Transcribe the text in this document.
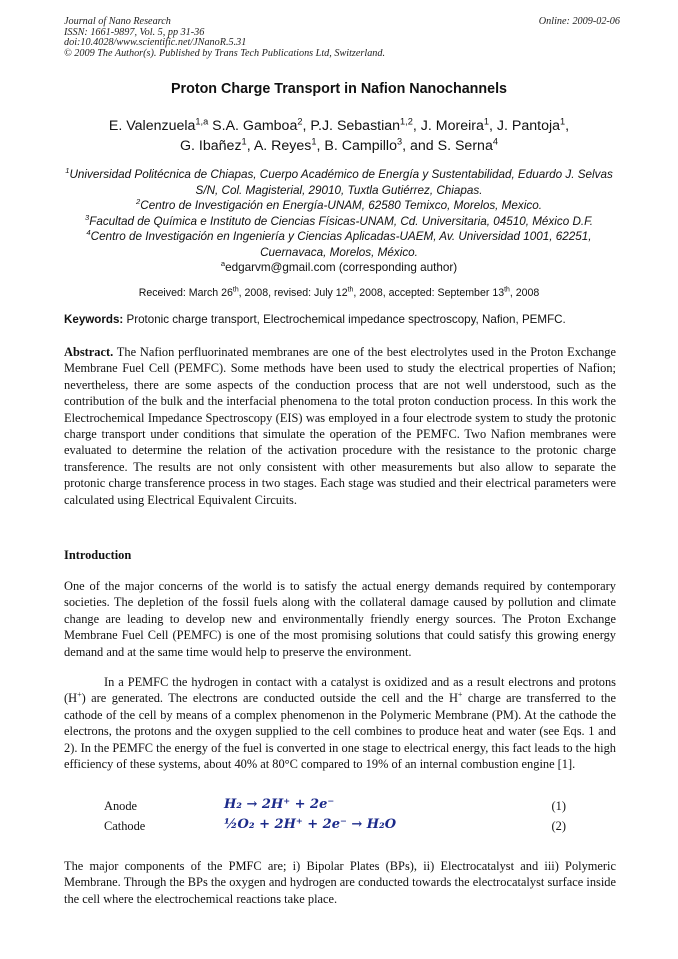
Journal of Nano Research
ISSN: 1661-9897, Vol. 5, pp 31-36
doi:10.4028/www.scientific.net/JNanoR.5.31
© 2009 The Author(s). Published by Trans Tech Publications Ltd, Switzerland.
Online: 2009-02-06
Proton Charge Transport in Nafion Nanochannels
E. Valenzuela$^{1,a}$ S.A. Gamboa$^2$, P.J. Sebastian$^{1,2}$, J. Moreira$^1$, J. Pantoja$^1$,
G. Ibañez$^1$, A. Reyes$^1$, B. Campillo$^3$, and S. Serna$^4$
$^1$Universidad Politécnica de Chiapas, Cuerpo Académico de Energía y Sustentabilidad, Eduardo J. Selvas S/N, Col. Magisterial, 29010, Tuxtla Gutiérrez, Chiapas.
$^2$Centro de Investigación en Energía-UNAM, 62580 Temixco, Morelos, Mexico.
$^3$Facultad de Química e Instituto de Ciencias Físicas-UNAM, Cd. Universitaria, 04510, México D.F.
$^4$Centro de Investigación en Ingeniería y Ciencias Aplicadas-UAEM, Av. Universidad 1001, 62251, Cuernavaca, Morelos, México.
$^a$edgarvm@gmail.com (corresponding author)
Received: March 26th, 2008, revised: July 12th, 2008, accepted: September 13th, 2008
Keywords: Protonic charge transport, Electrochemical impedance spectroscopy, Nafion, PEMFC.
Abstract. The Nafion perfluorinated membranes are one of the best electrolytes used in the Proton Exchange Membrane Fuel Cell (PEMFC). Some methods have been used to study the electrical properties of Nafion; nevertheless, there are some aspects of the conduction process that are not well understood, such as the contribution of the bulk and the interfacial phenomena to the total proton conduction process. In this work the Electrochemical Impedance Spectroscopy (EIS) was employed in a four electrode system to study the protonic charge transport under conditions that simulate the operation of the PEMFC. Two Nafion membranes were evaluated to determine the relation of the activation procedure with the resistance to the protonic charge transference. The results are not only consistent with other measurements but also allow to separate the protonic charge transference process in two stages. Each stage was studied and their electrical parameters were calculated using Electrical Equivalent Circuits.
Introduction
One of the major concerns of the world is to satisfy the actual energy demands required by contemporary societies. The depletion of the fossil fuels along with the collateral damage caused by pollution and climate change are leading to develop new and environmentally friendly energy sources. The Proton Exchange Membrane Fuel Cell (PEMFC) is one of the most promising solutions that could satisfy this growing energy demand and at the same time would help to preserve the environment.
In a PEMFC the hydrogen in contact with a catalyst is oxidized and as a result electrons and protons (H+) are generated. The electrons are conducted outside the cell and the H+ charge are transferred to the cathode of the cell by means of a complex phenomenon in the Polymeric Membrane (PM). At the cathode the electrons, the protons and the oxygen supplied to the cell combines to produce heat and water (see Eqs. 1 and 2). In the PEMFC the energy of the fuel is converted in one stage to electrical energy, this fact leads to the high efficiency of these systems, about 40% at 80°C compared to 19% of an internal combustion engine [1].
Anode	H₂ → 2H⁺ + 2e⁻	(1)
Cathode	½O₂ + 2H⁺ + 2e⁻ → H₂O	(2)
The major components of the PMFC are; i) Bipolar Plates (BPs), ii) Electrocatalyst and iii) Polymeric Membrane. Through the BPs the oxygen and hydrogen are conducted towards the electrocatalyst surface inside the cell where the electrochemical reactions take place.
